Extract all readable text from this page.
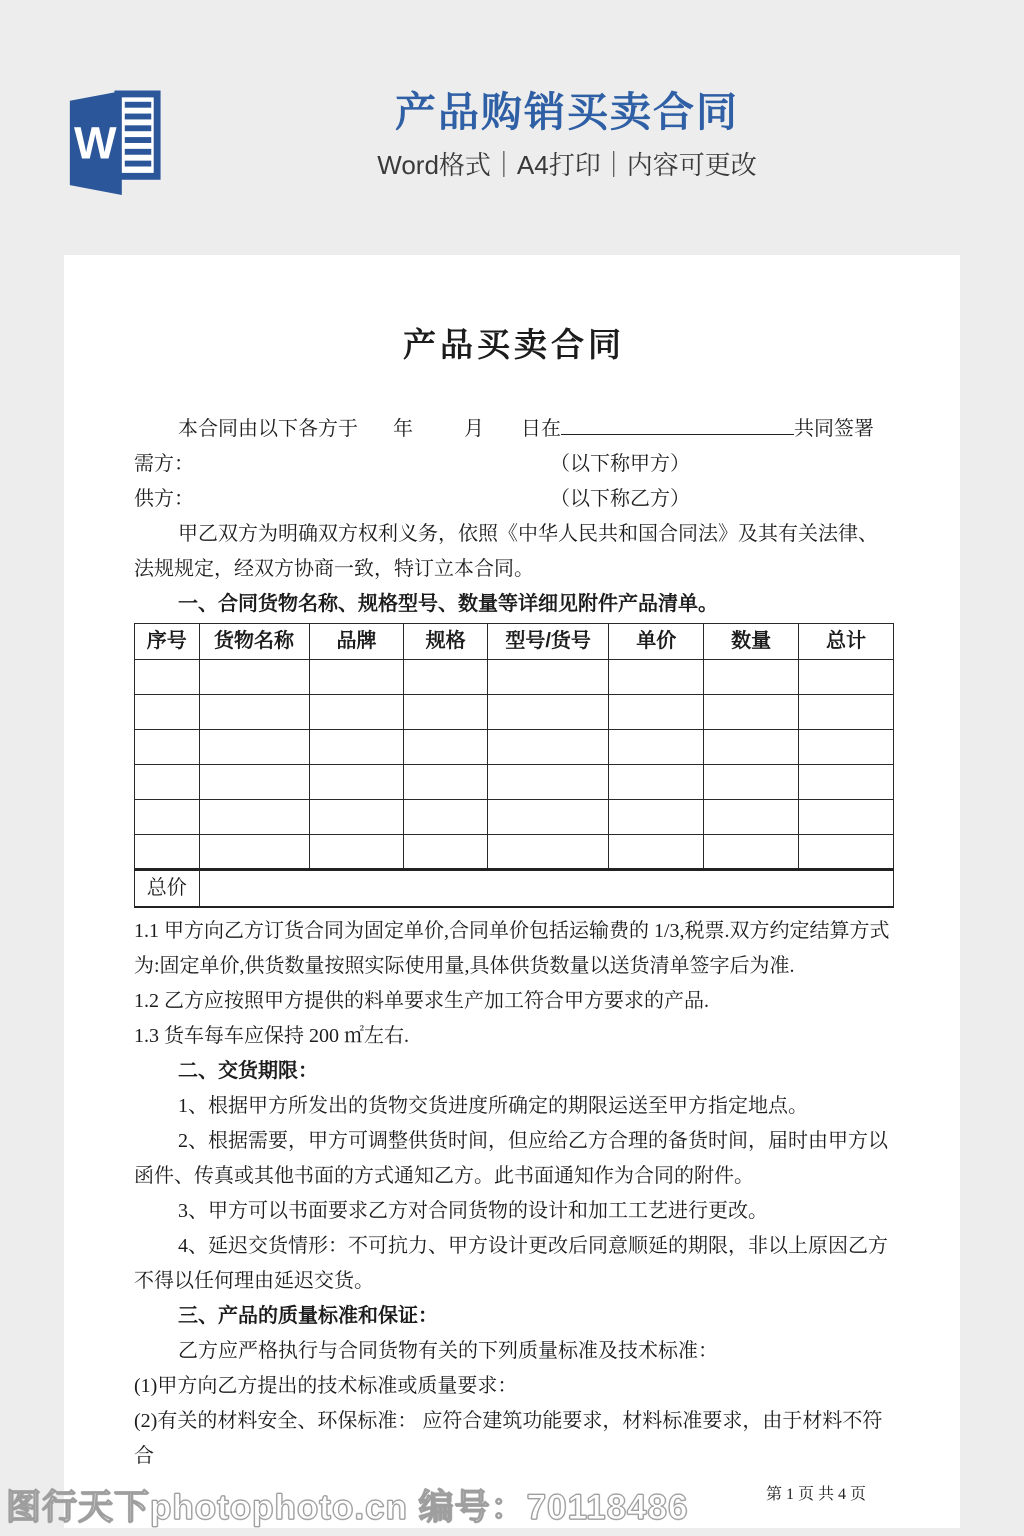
W
产品购销买卖合同
Word格式｜A4打印｜内容可更改
产品买卖合同

本合同由以下各方于 年	月 日在	共同签署

需方：	（以下称甲方）

供方：	（以下称乙方）

甲乙双方为明确双方权利义务，依照《中华人民共和国合同法》及其有关法律、法规规定，经双方协商一致，特订立本合同。

一、合同货物名称、规格型号、数量等详细见附件产品清单。

序号	货物名称	品牌	规格	型号/货号	单价	数量	总计

总价							

1.1 甲方向乙方订货合同为固定单价,合同单价包括运输费的 1/3,税票.双方约定结算方式为:固定单价,供货数量按照实际使用量,具体供货数量以送货清单签字后为准.

1.2 乙方应按照甲方提供的料单要求生产加工符合甲方要求的产品.

1.3 货车每车应保持 200 ㎡左右.

二、交货期限：

1、根据甲方所发出的货物交货进度所确定的期限运送至甲方指定地点。

2、根据需要，甲方可调整供货时间，但应给乙方合理的备货时间，届时由甲方以函件、传真或其他书面的方式通知乙方。此书面通知作为合同的附件。

3、甲方可以书面要求乙方对合同货物的设计和加工工艺进行更改。

4、延迟交货情形：不可抗力、甲方设计更改后同意顺延的期限，非以上原因乙方不得以任何理由延迟交货。

三、产品的质量标准和保证：

乙方应严格执行与合同货物有关的下列质量标准及技术标准：

(1)甲方向乙方提出的技术标准或质量要求：

(2)有关的材料安全、环保标准： 应符合建筑功能要求，材料标准要求，由于材料不符合

第 1 页 共 4 页
图行天下photophoto.cn 编号：70118486
